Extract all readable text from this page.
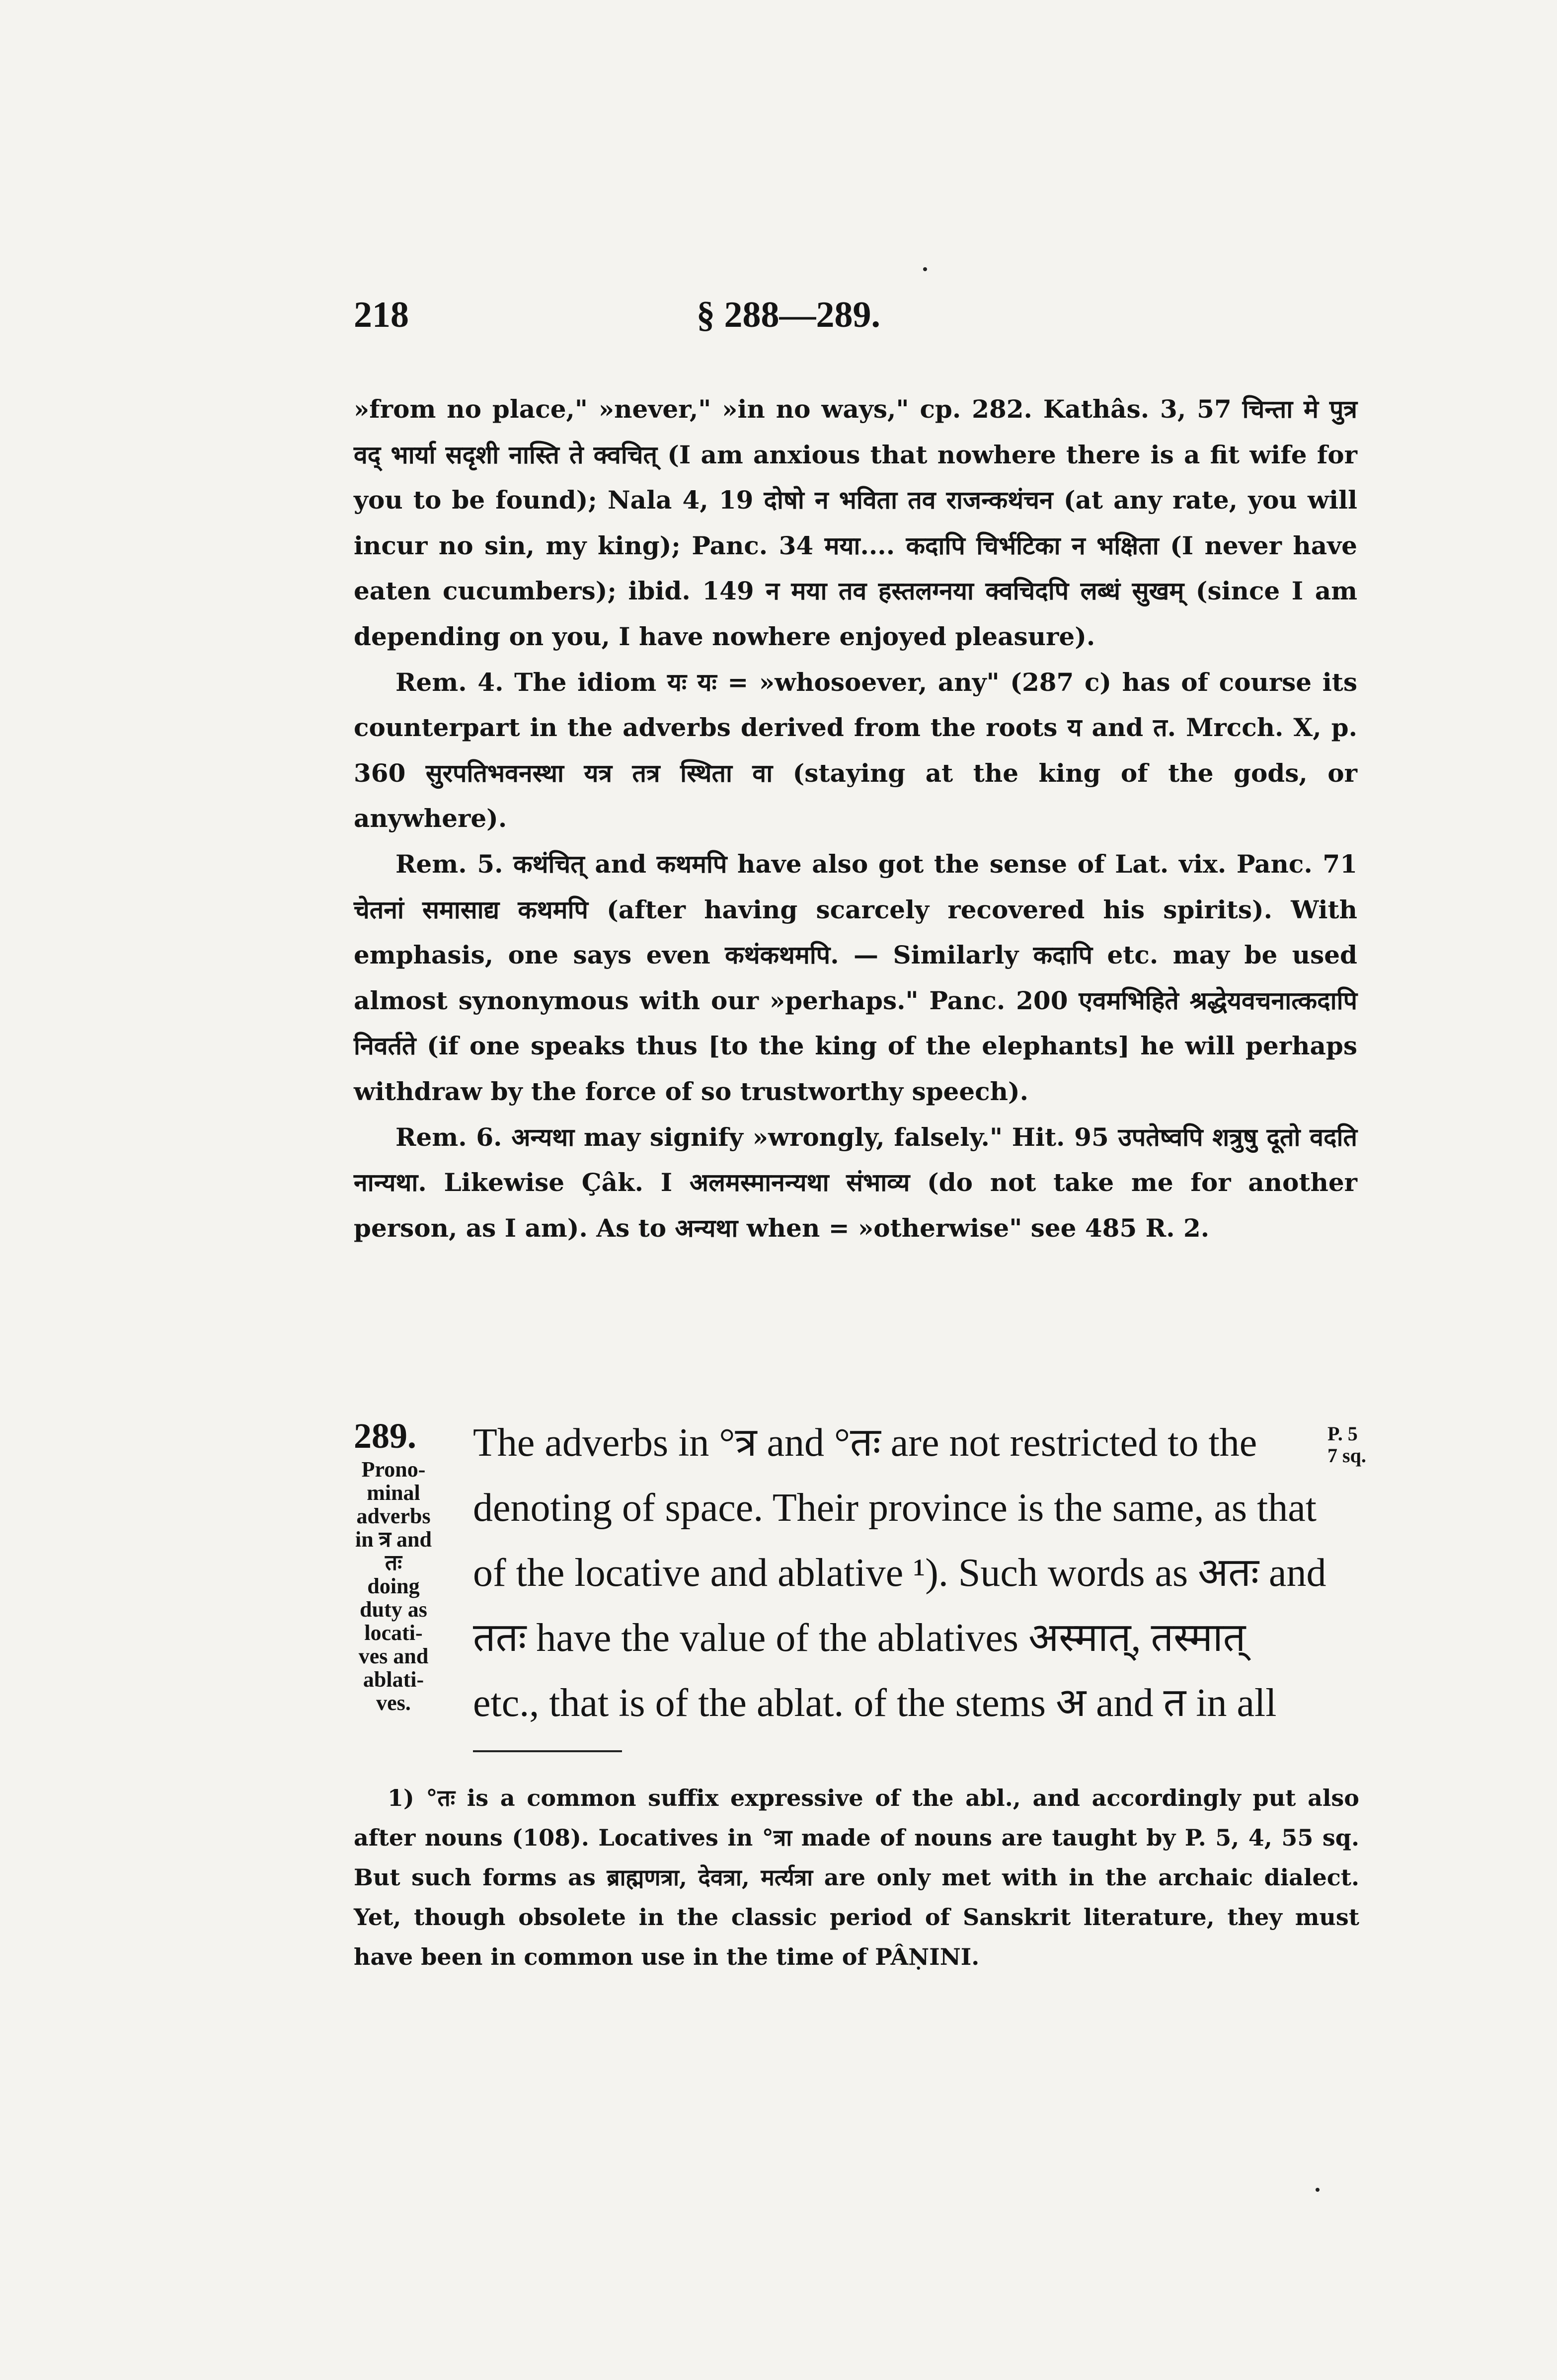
218	§ 288—289.

»from no place," »never," »in no ways," cp. 282. Kathâs. 3, 57 चिन्ता मे पुत्र वद् भार्या सदृशी नास्ति ते क्वचित् (I am anxious that nowhere there is a fit wife for you to be found); Nala 4, 19 दोषो न भविता तव राजन्कथंचन (at any rate, you will incur no sin, my king); Panc. 34 मया.... कदापि चिर्भटिका न भक्षिता (I never have eaten cucumbers); ibid. 149 न मया तव हस्तलग्नया क्वचिदपि लब्धं सुखम् (since I am depending on you, I have nowhere enjoyed pleasure).

Rem. 4. The idiom यः यः = »whosoever, any" (287 c) has of course its counterpart in the adverbs derived from the roots य and त. Mrcch. X, p. 360 सुरपतिभवनस्था यत्र तत्र स्थिता वा (staying at the king of the gods, or anywhere).

Rem. 5. कथंचित् and कथमपि have also got the sense of Lat. vix. Panc. 71 चेतनां समासाद्य कथमपि (after having scarcely recovered his spirits). With emphasis, one says even कथंकथमपि. — Similarly कदापि etc. may be used almost synonymous with our »perhaps." Panc. 200 एवमभिहिते श्रद्धेयवचनात्कदापि निवर्तते (if one speaks thus [to the king of the elephants] he will perhaps withdraw by the force of so trustworthy speech).

Rem. 6. अन्यथा may signify »wrongly, falsely." Hit. 95 उपतेष्वपि शत्रुषु दूतो वदति नान्यथा. Likewise Çâk. I अलमस्मानन्यथा संभाव्य (do not take me for another person, as I am). As to अन्यथा when = »otherwise" see 485 R. 2.

289.
Prono-
minal
adverbs
in त्र and
तः
doing
duty as
locati-
ves and
ablati-
ves.
The adverbs in °त्र and °तः are not restricted to the
denoting of space. Their province is the same, as that
of the locative and ablative ¹). Such words as अतः and
ततः have the value of the ablatives अस्मात्, तस्मात्
etc., that is of the ablat. of the stems अ and त in all
P. 5
7 sq.

1) °तः is a common suffix expressive of the abl., and accordingly put also after nouns (108). Locatives in °त्रा made of nouns are taught by P. 5, 4, 55 sq. But such forms as ब्राह्मणत्रा, देवत्रा, मर्त्यत्रा are only met with in the archaic dialect. Yet, though obsolete in the classic period of Sanskrit literature, they must have been in common use in the time of PÂṆINI.
